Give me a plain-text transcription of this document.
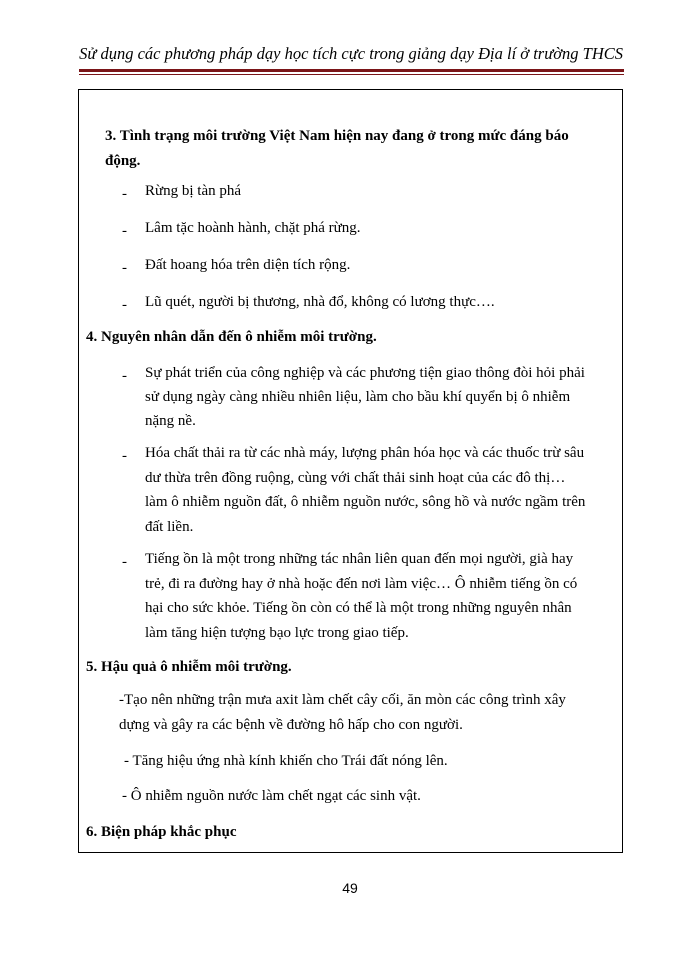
Sử dụng các phương pháp dạy học tích cực trong giảng dạy Địa lí ở trường THCS
3. Tình trạng môi trường Việt Nam hiện nay đang ở trong mức đáng báo
động.
- Rừng bị tàn phá
- Lâm tặc hoành hành, chặt phá rừng.
- Đất hoang hóa trên diện tích rộng.
- Lũ quét, người bị thương, nhà đổ, không có lương thực….
4. Nguyên nhân dẫn đến ô nhiễm môi trường.
- Sự phát triển của công nghiệp và các phương tiện giao thông đòi hỏi phải
sử dụng ngày càng nhiều nhiên liệu, làm cho bầu khí quyển bị ô nhiễm
nặng nề.
- Hóa chất thải ra từ các nhà máy, lượng phân hóa học và các thuốc trừ sâu
dư thừa trên đồng ruộng, cùng với chất thải sinh hoạt của các đô thị…
làm ô nhiễm nguồn đất, ô nhiễm nguồn nước, sông hồ và nước ngầm trên
đất liền.
- Tiếng ồn là một trong những tác nhân liên quan đến mọi người, già hay
trẻ, đi ra đường hay ở nhà hoặc đến nơi làm việc… Ô nhiễm tiếng ồn có
hại cho sức khỏe. Tiếng ồn còn có thể là một trong những nguyên nhân
làm tăng hiện tượng bạo lực trong giao tiếp.
5. Hậu quả ô nhiễm môi trường.
-Tạo nên những trận mưa axit làm chết cây cối, ăn mòn các công trình xây
dựng và gây ra các bệnh về đường hô hấp cho con người.
- Tăng hiệu ứng nhà kính khiến cho Trái đất nóng lên.
- Ô nhiễm nguồn nước làm chết ngạt các sinh vật.
6. Biện pháp khắc phục
49
